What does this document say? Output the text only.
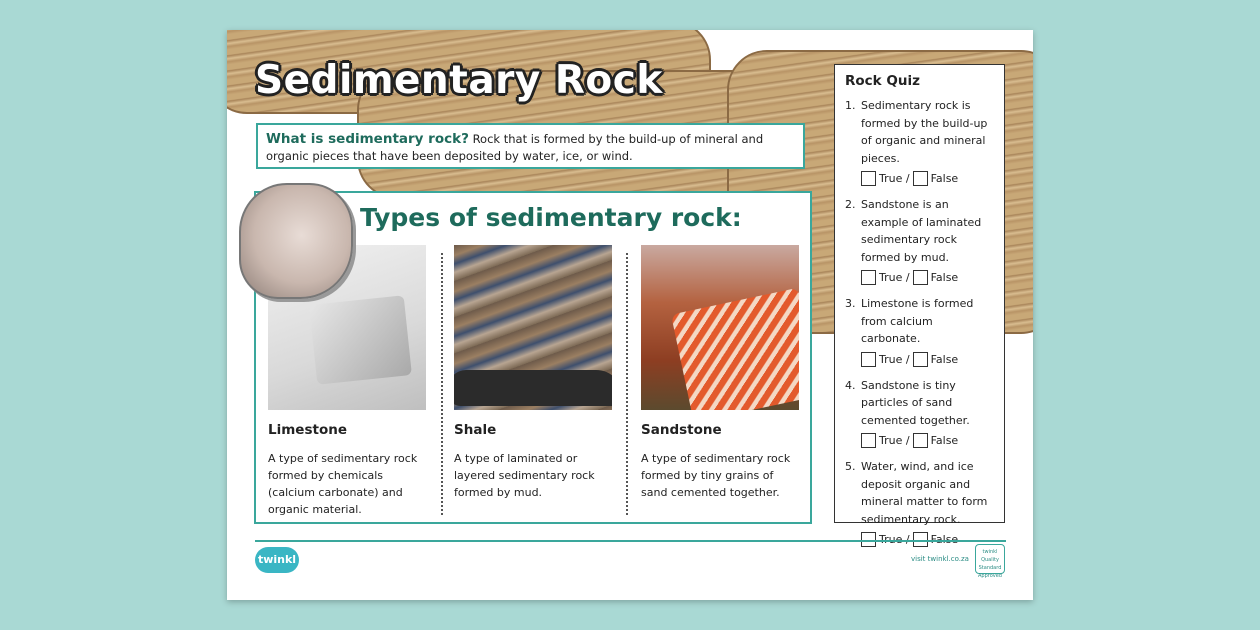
Sedimentary Rock
What is sedimentary rock? Rock that is formed by the build-up of mineral and organic pieces that have been deposited by water, ice, or wind.
Types of sedimentary rock:
Limestone
A type of sedimentary rock formed by chemicals (calcium carbonate) and organic material.
Shale
A type of laminated or layered sedimentary rock formed by mud.
Sandstone
A type of sedimentary rock formed by tiny grains of sand cemented together.
Rock Quiz
1. Sedimentary rock is formed by the build-up of organic and mineral pieces.
True / False
2. Sandstone is an example of laminated sedimentary rock formed by mud.
True / False
3. Limestone is formed from calcium carbonate.
True / False
4. Sandstone is tiny particles of sand cemented together.
True / False
5. Water, wind, and ice deposit organic and mineral matter to form sedimentary rock.
True / False
twinkl	visit twinkl.co.za
twinkl Quality Standard Approved
